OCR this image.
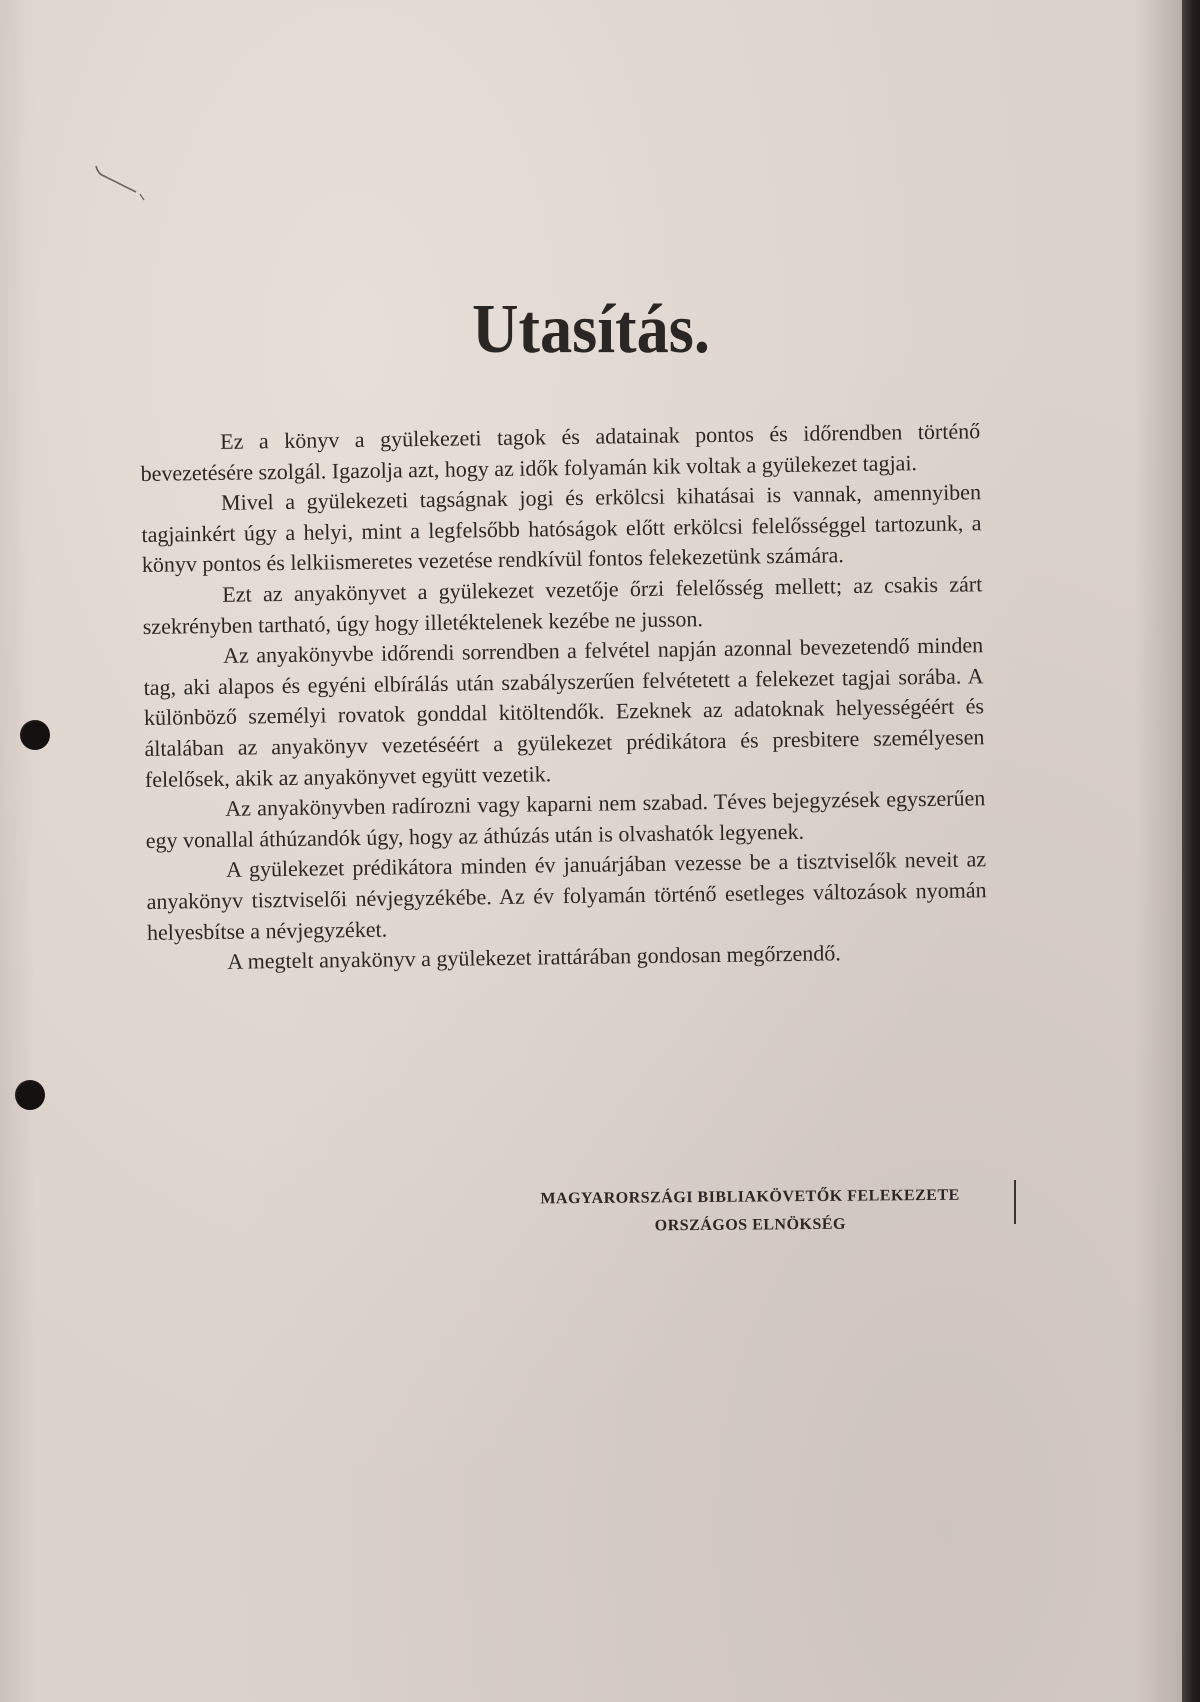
Utasítás.

Ez a könyv a gyülekezeti tagok és adatainak pontos és időrendben történő bevezetésére szolgál. Igazolja azt, hogy az idők folyamán kik voltak a gyülekezet tagjai.

Mivel a gyülekezeti tagságnak jogi és erkölcsi kihatásai is vannak, amennyiben tagjainkért úgy a helyi, mint a legfelsőbb hatóságok előtt erkölcsi felelősséggel tartozunk, a könyv pontos és lelkiismeretes vezetése rendkívül fontos felekezetünk számára.

Ezt az anyakönyvet a gyülekezet vezetője őrzi felelősség mellett; az csakis zárt szekrényben tartható, úgy hogy illetéktelenek kezébe ne jusson.

Az anyakönyvbe időrendi sorrendben a felvétel napján azonnal bevezetendő minden tag, aki alapos és egyéni elbírálás után szabályszerűen felvétetett a felekezet tagjai sorába. A különböző személyi rovatok gonddal kitöltendők. Ezeknek az adatoknak helyességéért és általában az anyakönyv vezetéséért a gyülekezet prédikátora és presbitere személyesen felelősek, akik az anyakönyvet együtt vezetik.

Az anyakönyvben radírozni vagy kaparni nem szabad. Téves bejegyzések egyszerűen egy vonallal áthúzandók úgy, hogy az áthúzás után is olvashatók legyenek.

A gyülekezet prédikátora minden év januárjában vezesse be a tisztviselők neveit az anyakönyv tisztviselői névjegyzékébe. Az év folyamán történő esetleges változások nyomán helyesbítse a névjegyzéket.

A megtelt anyakönyv a gyülekezet irattárában gondosan megőrzendő.

MAGYARORSZÁGI BIBLIAKÖVETŐK FELEKEZETE
ORSZÁGOS ELNÖKSÉG
